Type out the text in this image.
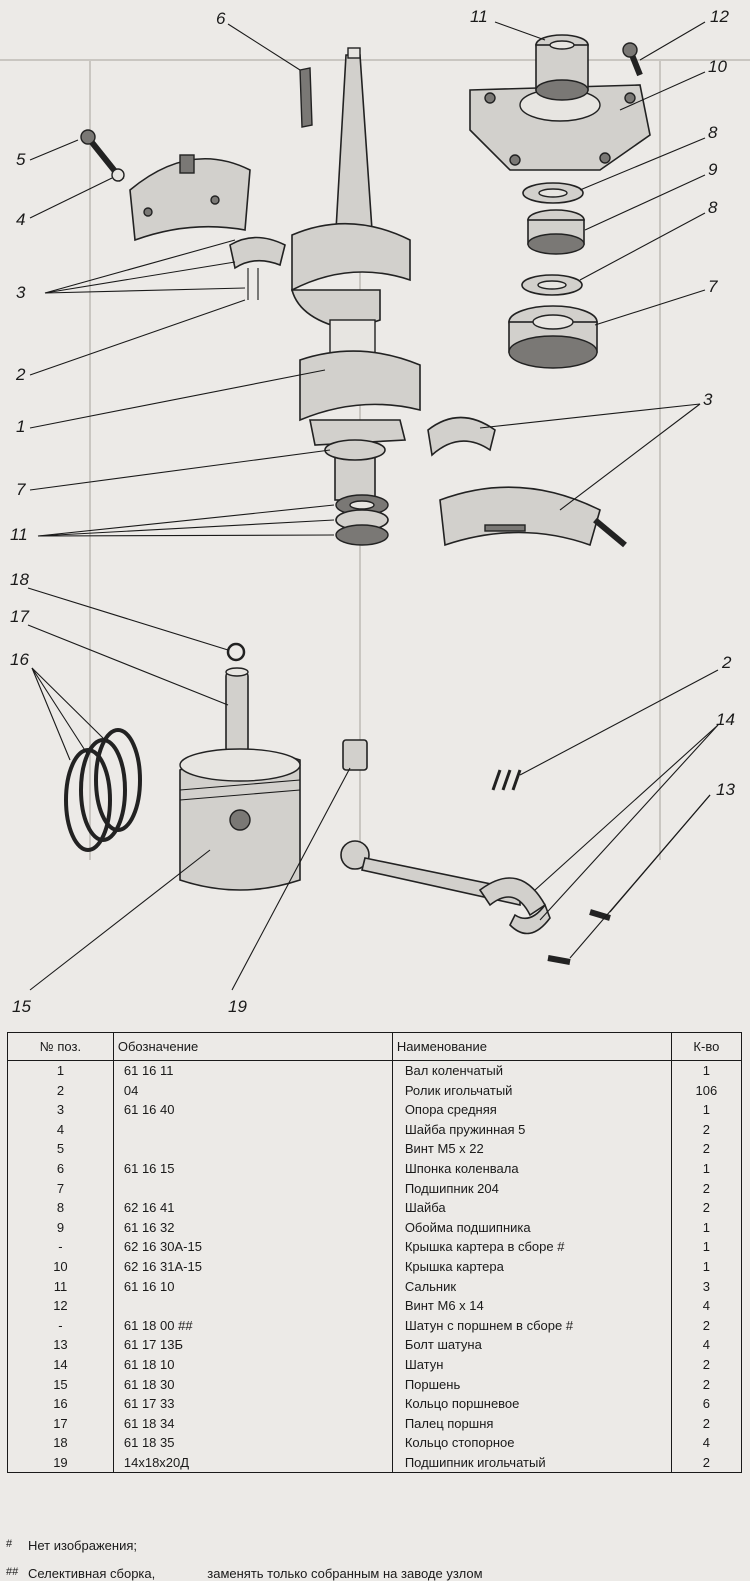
6	11	12
10
8
9
8
7
5
4
3
2
1
7
11
3
18
17
16	2
14
13
15	19
№ поз.	Обозначение	Наименование	К-во
1	61 16 11	Вал коленчатый	1
2	04	Ролик игольчатый	106
3	61 16 40	Опора средняя	1
4		Шайба пружинная 5	2
5		Винт М5 х 22	2
6	61 16 15	Шпонка коленвала	1
7		Подшипник 204	2
8	62 16 41	Шайба	2
9	61 16 32	Обойма подшипника	1
-	62 16 30А-15	Крышка картера в сборе #	1
10	62 16 31А-15	Крышка картера	1
11	61 16 10	Сальник	3
12		Винт М6 х 14	4
-	61 18 00 ##	Шатун с поршнем в сборе #	2
13	61 17 13Б	Болт шатуна	4
14	61 18 10	Шатун	2
15	61 18 30	Поршень	2
16	61 17 33	Кольцо поршневое	6
17	61 18 34	Палец поршня	2
18	61 18 35	Кольцо стопорное	4
19	14х18х20Д	Подшипник игольчатый	2
# Нет изображения;
## Селективная сборка,	заменять только собранным на заводе узлом
